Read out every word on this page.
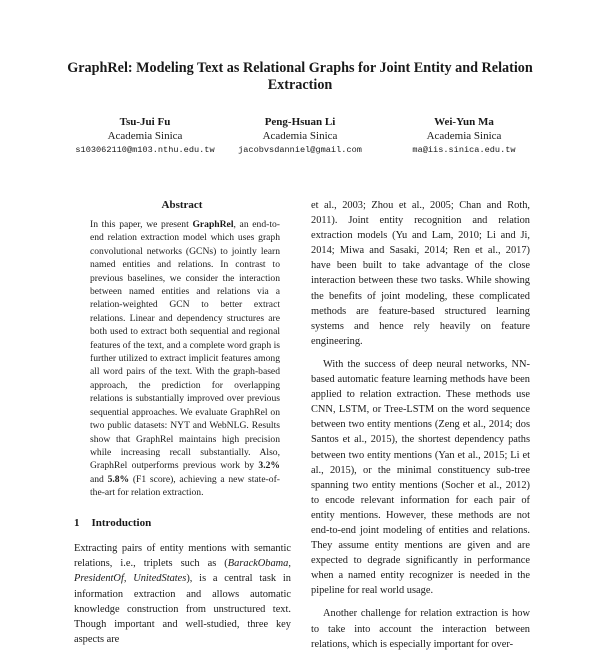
GraphRel: Modeling Text as Relational Graphs for Joint Entity and Relation Extraction
Tsu-Jui Fu
Academia Sinica
s103062110@m103.nthu.edu.tw
Peng-Hsuan Li
Academia Sinica
jacobvsdanniel@gmail.com
Wei-Yun Ma
Academia Sinica
ma@iis.sinica.edu.tw
Abstract
In this paper, we present GraphRel, an end-to-end relation extraction model which uses graph convolutional networks (GCNs) to jointly learn named entities and relations. In contrast to previous baselines, we consider the interaction between named entities and relations via a relation-weighted GCN to better extract relations. Linear and dependency structures are both used to extract both sequential and regional features of the text, and a complete word graph is further utilized to extract implicit features among all word pairs of the text. With the graph-based approach, the prediction for overlapping relations is substantially improved over previous sequential approaches. We evaluate GraphRel on two public datasets: NYT and WebNLG. Results show that GraphRel maintains high precision while increasing recall substantially. Also, GraphRel outperforms previous work by 3.2% and 5.8% (F1 score), achieving a new state-of-the-art for relation extraction.
1 Introduction
Extracting pairs of entity mentions with semantic relations, i.e., triplets such as (BarackObama, PresidentOf, UnitedStates), is a central task in information extraction and allows automatic knowledge construction from unstructured text. Though important and well-studied, three key aspects are

et al., 2003; Zhou et al., 2005; Chan and Roth, 2011). Joint entity recognition and relation extraction models (Yu and Lam, 2010; Li and Ji, 2014; Miwa and Sasaki, 2014; Ren et al., 2017) have been built to take advantage of the close interaction between these two tasks. While showing the benefits of joint modeling, these complicated methods are feature-based structured learning systems and hence rely heavily on feature engineering.

With the success of deep neural networks, NN-based automatic feature learning methods have been applied to relation extraction. These methods use CNN, LSTM, or Tree-LSTM on the word sequence between two entity mentions (Zeng et al., 2014; dos Santos et al., 2015), the shortest dependency paths between two entity mentions (Yan et al., 2015; Li et al., 2015), or the minimal constituency sub-tree spanning two entity mentions (Socher et al., 2012) to encode relevant information for each pair of entity mentions. However, these methods are not end-to-end joint modeling of entities and relations. They assume entity mentions are given and are expected to degrade significantly in performance when a named entity recognizer is needed in the pipeline for real world usage.

Another challenge for relation extraction is how to take into account the interaction between relations, which is especially important for over-
